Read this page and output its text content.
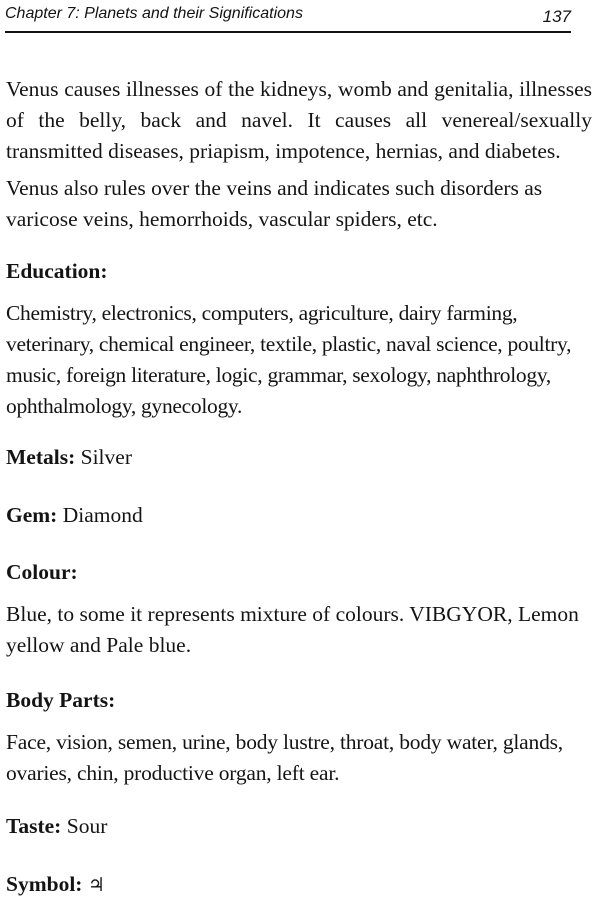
Chapter 7: Planets and their Significations	137

Venus causes illnesses of the kidneys, womb and genitalia, illnesses of the belly, back and navel. It causes all venereal/sexually transmitted diseases, priapism, impotence, hernias, and diabetes.

Venus also rules over the veins and indicates such disorders as varicose veins, hemorrhoids, vascular spiders, etc.

Education:

Chemistry, electronics, computers, agriculture, dairy farming, veterinary, chemical engineer, textile, plastic, naval science, poultry, music, foreign literature, logic, grammar, sexology, naphthrology, ophthalmology, gynecology.

Metals: Silver

Gem: Diamond

Colour:

Blue, to some it represents mixture of colours. VIBGYOR, Lemon yellow and Pale blue.

Body Parts:

Face, vision, semen, urine, body lustre, throat, body water, glands, ovaries, chin, productive organ, left ear.

Taste: Sour

Symbol: ♃
